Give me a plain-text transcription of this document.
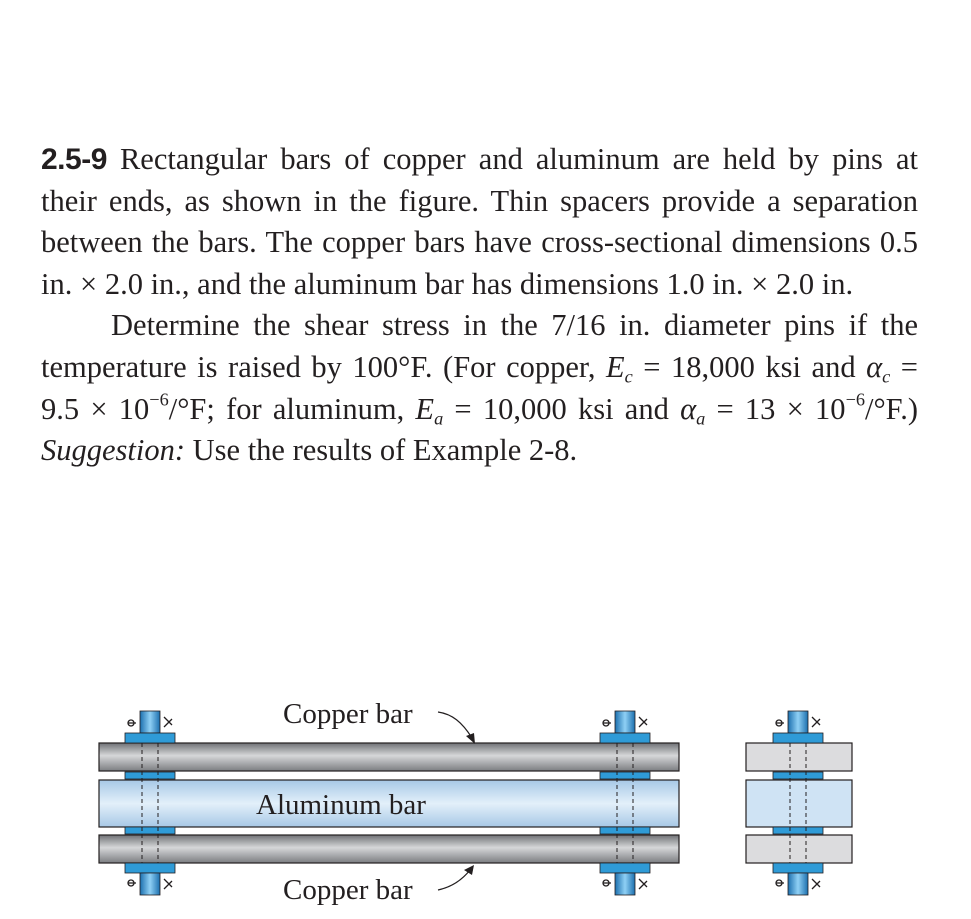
2.5-9 Rectangular bars of copper and aluminum are held by pins at their ends, as shown in the figure. Thin spacers provide a separation between the bars. The copper bars have cross-sectional dimensions 0.5 in. × 2.0 in., and the aluminum bar has dimensions 1.0 in. × 2.0 in.

Determine the shear stress in the 7/16 in. diameter pins if the temperature is raised by 100°F. (For copper, $E_c = 18,000$ ksi and $\alpha_c = 9.5 \times 10^{-6}/^\circ F$; for aluminum, $E_a = 10,000$ ksi and $\alpha_a = 13 \times 10^{-6}/^\circ F$.) Suggestion: Use the results of Example 2-8.

Copper bar
Aluminum bar
Copper bar
